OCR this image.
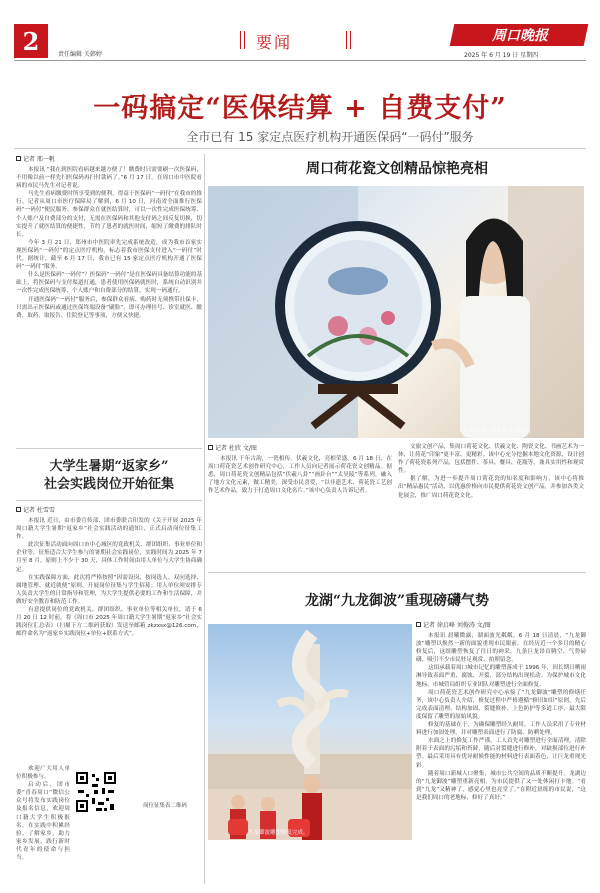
2	责任编辑 关韩婷
要闻	周口晚报
2025 年 6 月 19 日 星期四
一码搞定“医保结算 + 自费支付”
全市已有 15 家定点医疗机构开通医保码“一码付”服务
记者 邢一帆

本报讯 “我在到医院看病越来越方便了！缴费时只需要刷一次医保码，不用像以前一样先扫医保码再扫付款码了。”6 月 17 日，在周口市中医院看病的市民马先生对记者说。

马先生看病缴费时所享受到的便利，得益于医保码“一码付”在我市的推行。记者从周口市医疗保障局了解到，6 月 10 日，河南省全面推行医保码“一码付”便民服务。参保群众在就医结算时，可以一次性完成医保统筹、个人账户及自费部分的支付，无需在医保码和其他支付码之间反复切换，切实提升了就医结算的便捷性，节约了患者的就医时间，缩短了缴费的排队时长。

今年 3 月 21 日，郑州市中医院率先完成系统改造，成为我市首家实现医保码“一码付”的定点医疗机构，标志着我市医保支付进入“一码付”时代。据统计，截至 6 月 17 日，我市已有 15 家定点医疗机构开通了医保码“一码付”服务。

什么是医保码“一码付”？医保码“一码付”是在医保码具备结算功能的基础上，将医保码与支付渠道打通，患者使用医保码就医时，系统自动识别并一次性完成医保统筹、个人账户和自费部分的结算，实现一码通行。

开通医保码“一码付”服务后，参保群众看病、购药时无须携带社保卡，只需出示医保码或通过医保终端设备“刷脸”，即可办理挂号、诊室就医、缴费、取药、取报告、住院登记等事项，方便又快捷。

大学生暑期“返家乡”
社会实践岗位开始征集
记者 杜雪雪

本报讯 近日，由市委宣传部、团市委联合印发的《关于开展 2025 年周口籍大学生暑期“返家乡”社会实践活动的通知》，正式启动岗位征集工作。

此次征集活动面向周口市中心城区的党政机关、群团组织、事业单位和企业等，征集适合大学生参与的暑期社会实践岗位，实践时间为 2025 年 7 月至 8 月，原则上不少于 30 天，具体工作时间由用人单位与大学生协商确定。

在实践保障方面，此次将严格按照“因需设岗、按岗选人、双向选择、属地管理、就近就便”原则，开展岗位征集与学生招募；用人单位须安排专人负责大学生的日常指导和管理，为大学生提供必要的工作和生活保障，并做好安全教育和防范工作。

有意提供岗位的党政机关、群团组织、事业单位等相关单位，请于 6 月 20 日 12 时前，将《周口市 2025 年周口籍大学生暑期“返家乡”社会实践岗位汇总表》（扫描下方二维码获取）发送至邮箱 zkzxsx@126.com，邮件命名为“返家乡实践岗位+单位+联系方式”。

欢迎广大用人单位积极参与。

启动后，团市委“青春周口”微信公众号将发布实践岗位及报名信息，欢迎周口籍大学生积极报名，在实践中积累经验、了解家乡，助力家乡发展，践行新时代青年的使命与担当。

岗位征集表二维码
周口荷花瓷文创精品惊艳亮相
工作人员展示荷花瓷文创精品。
记者 杜欣 文/图

本报讯 千年古韵，一瓷相传。伏羲文化，亮相荣盛。6 月 18 日，在周口荷花瓷艺术创作研究中心，工作人员向记者展示荷花瓷文创精品。据悉，周口荷花瓷文创精品包括“伏羲八卦”“画卦台”“太昊陵”等系列，融入了地方文化元素，做工精美，深受市民喜爱，“以非遗艺术、荷花瓷工艺创作艺术作品，致力于打造周口文化名片。”该中心负责人告诉记者。

文旅文创产品，集周口荷花文化、伏羲文化、陶瓷文化、书画艺术为一体，让荷花“印象”更丰富、更精彩。该中心充分挖掘本地文化资源，设计创作了荷花瓷系列产品，包括摆件、茶具、餐具、花瓶等，兼具实用性和观赏性。

据了解，为进一步提升周口荷花瓷的知名度和影响力，该中心将推出“精品惠民”活动，以优惠价格向市民提供荷花瓷文创产品，并参加各类文化展会，推广周口荷花瓷文化。

龙湖“九龙御波”重现磅礴气势
九龙御波雕塑修复完成。
记者 徐启峰 刘俊涛 文/图

本报讯 晨曦微露，湖面波光粼粼。6 月 18 日清晨，“九龙御波”雕塑以焕然一新的面貌重现市民眼前。在经历近一个多月的精心修复后，这组雕塑恢复了往日的神采，九条巨龙昂首腾空、气势磅礴，吸引不少市民驻足观赏、拍照留念。

这组承载着周口城市记忆的雕塑落成于 1996 年，因长期日晒雨淋导致表面严重、腐蚀、开裂，部分结构出现松动。为保护城市文化地标，市城管局组织专业团队对雕塑进行全面修复。

周口荷花瓷艺术创作研究中心承接了“九龙御波”雕塑的修缮任务，该中心负责人介绍，修复过程中严格遵循“修旧如旧”原则，先后完成表面清理、结构加固、裂缝修补、上色防护等多道工序，最大限度保留了雕塑的原始风貌。

修复的基础在于，为确保雕塑经久耐用，工作人员采用了专业材料进行加固处理，并对雕塑表面进行了防腐、防晒处理。

水面之上的修复工作严谨，工人首先对雕塑进行全面清理，清除附着于表面的污垢和苔藓，随后对裂缝进行修补，对缺损部位进行补塑。最后采用具有优异耐候性能的材料进行表面着色，让巨龙重现光彩。

随着周口新城人口聚集，城市公共空间的品质不断提升。龙湖边的“九龙御波”雕塑重新亮相，为市民提供了又一处休闲打卡地。“看到“九龙”又精神了，感觉心里也亮堂了。”在附近晨练的市民说，“这是我们周口的老地标，修好了真好。”
